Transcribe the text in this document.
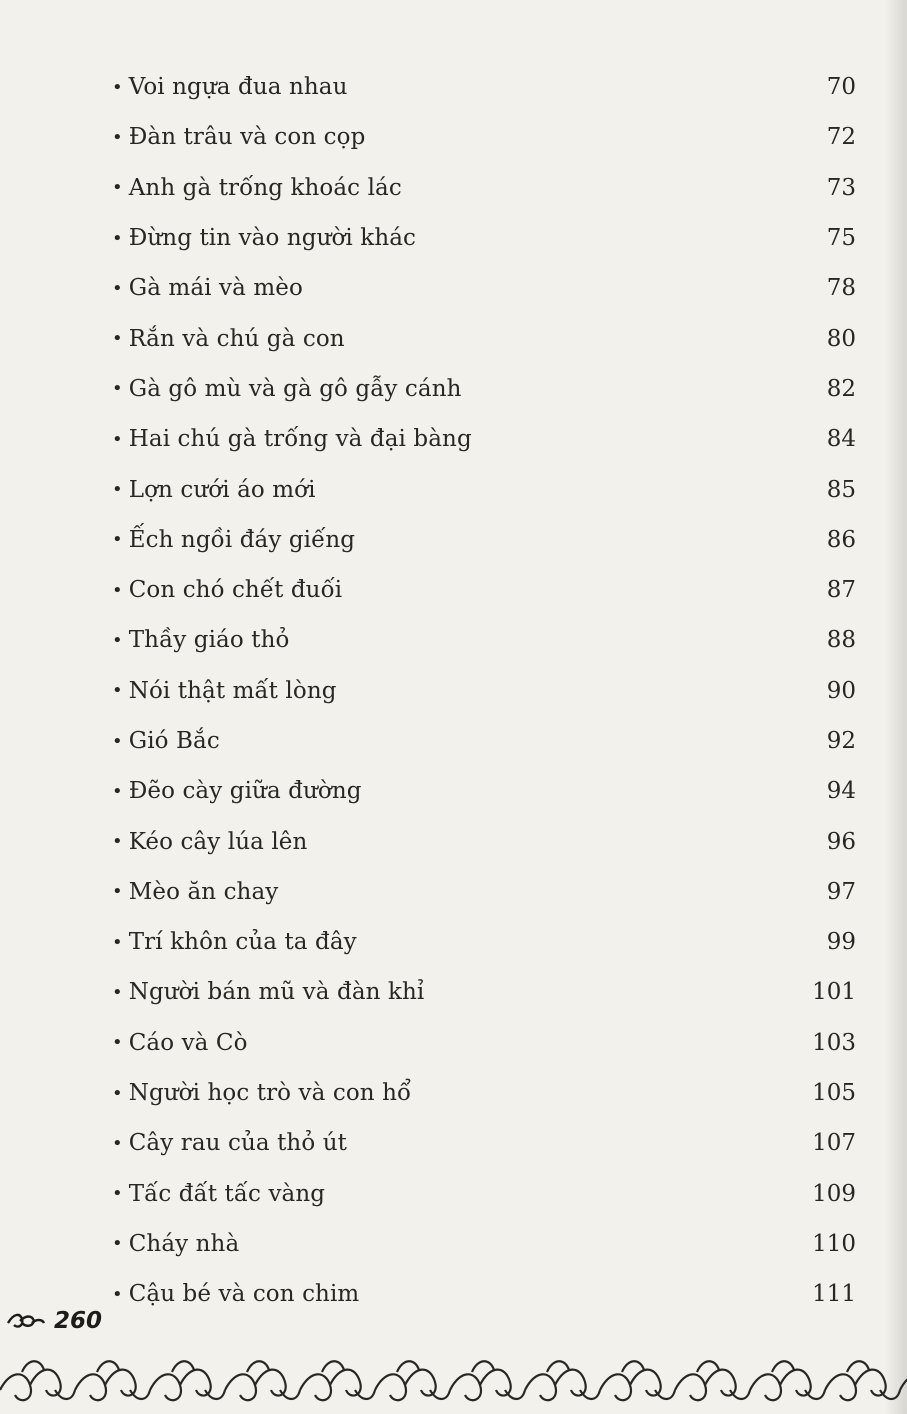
• Voi ngựa đua nhau	70
• Đàn trâu và con cọp	72
• Anh gà trống khoác lác	73
• Đừng tin vào người khác	75
• Gà mái và mèo	78
• Rắn và chú gà con	80
• Gà gô mù và gà gô gẫy cánh	82
• Hai chú gà trống và đại bàng	84
• Lợn cưới áo mới	85
• Ếch ngồi đáy giếng	86
• Con chó chết đuối	87
• Thầy giáo thỏ	88
• Nói thật mất lòng	90
• Gió Bắc	92
• Đẽo cày giữa đường	94
• Kéo cây lúa lên	96
• Mèo ăn chay	97
• Trí khôn của ta đây	99
• Người bán mũ và đàn khỉ	101
• Cáo và Cò	103
• Người học trò và con hổ	105
• Cây rau của thỏ út	107
• Tấc đất tấc vàng	109
• Cháy nhà	110
• Cậu bé và con chim	111
260
